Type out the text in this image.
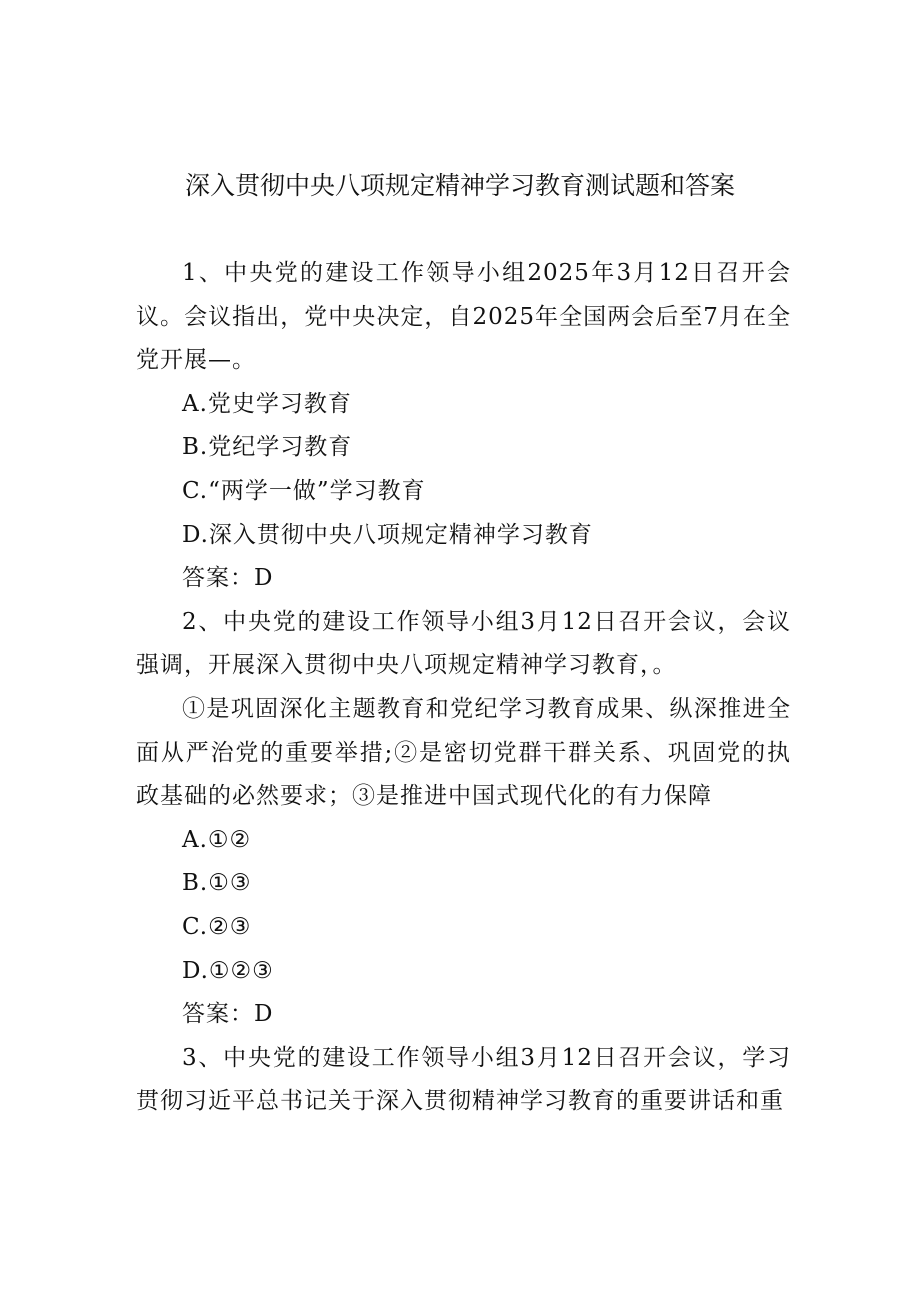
深入贯彻中央八项规定精神学习教育测试题和答案

1、中央党的建设工作领导小组2025年3月12日召开会议。会议指出，党中央决定，自2025年全国两会后至7月在全党开展—。

A.党史学习教育

B.党纪学习教育

C.“两学一做”学习教育

D.深入贯彻中央八项规定精神学习教育

答案：D

2、中央党的建设工作领导小组3月12日召开会议，会议强调，开展深入贯彻中央八项规定精神学习教育，。

①是巩固深化主题教育和党纪学习教育成果、纵深推进全面从严治党的重要举措;②是密切党群干群关系、巩固党的执政基础的必然要求；③是推进中国式现代化的有力保障

A.①②

B.①③

C.②③

D.①②③

答案：D

3、中央党的建设工作领导小组3月12日召开会议，学习贯彻习近平总书记关于深入贯彻精神学习教育的重要讲话和重
